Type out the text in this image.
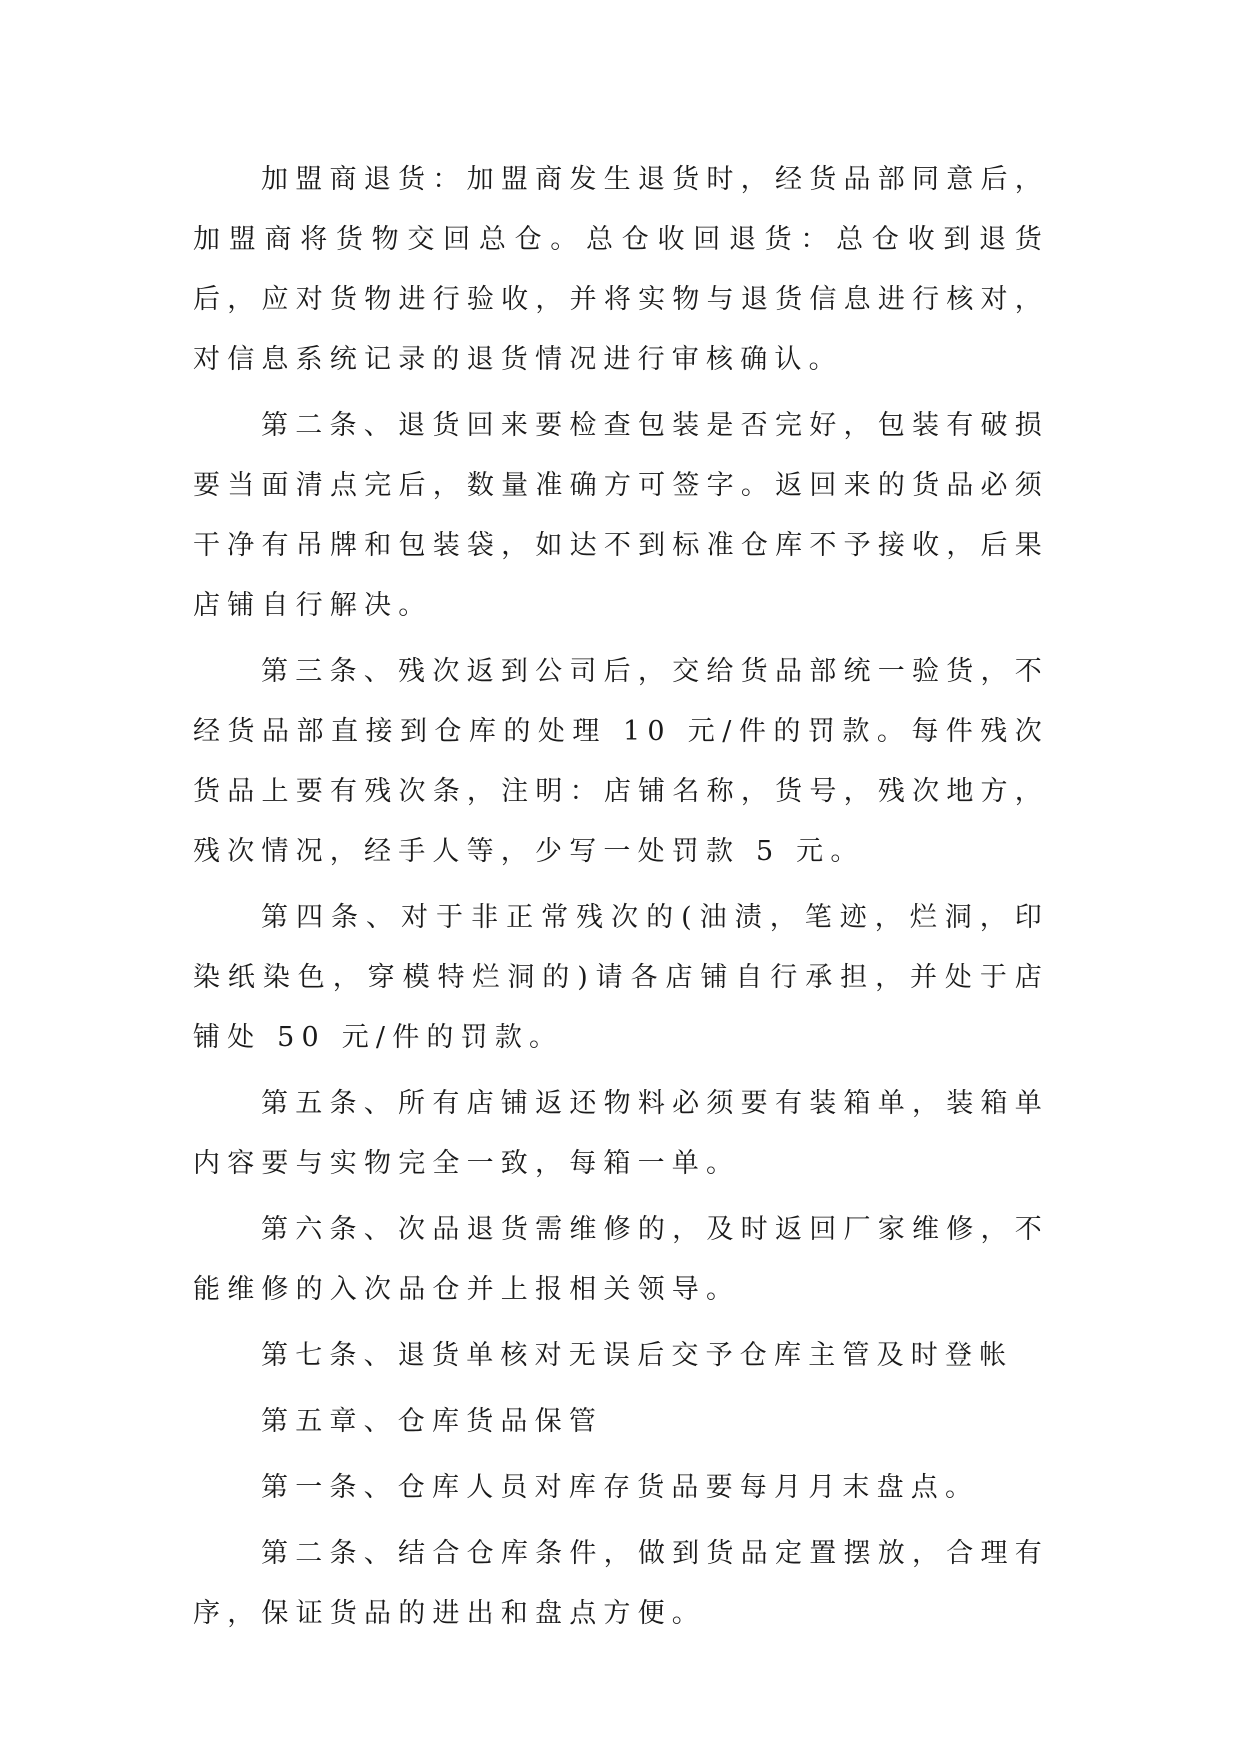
加盟商退货：加盟商发生退货时，经货品部同意后，加盟商将货物交回总仓。总仓收回退货：总仓收到退货后，应对货物进行验收，并将实物与退货信息进行核对，对信息系统记录的退货情况进行审核确认。

第二条、退货回来要检查包装是否完好，包装有破损要当面清点完后，数量准确方可签字。返回来的货品必须干净有吊牌和包装袋，如达不到标准仓库不予接收，后果店铺自行解决。

第三条、残次返到公司后，交给货品部统一验货，不经货品部直接到仓库的处理 10 元/件的罚款。每件残次货品上要有残次条，注明：店铺名称，货号，残次地方，残次情况，经手人等，少写一处罚款 5 元。

第四条、对于非正常残次的(油渍，笔迹，烂洞，印染纸染色，穿模特烂洞的)请各店铺自行承担，并处于店铺处 50 元/件的罚款。

第五条、所有店铺返还物料必须要有装箱单，装箱单内容要与实物完全一致，每箱一单。

第六条、次品退货需维修的，及时返回厂家维修，不能维修的入次品仓并上报相关领导。

第七条、退货单核对无误后交予仓库主管及时登帐

第五章、仓库货品保管

第一条、仓库人员对库存货品要每月月末盘点。

第二条、结合仓库条件，做到货品定置摆放，合理有序，保证货品的进出和盘点方便。
